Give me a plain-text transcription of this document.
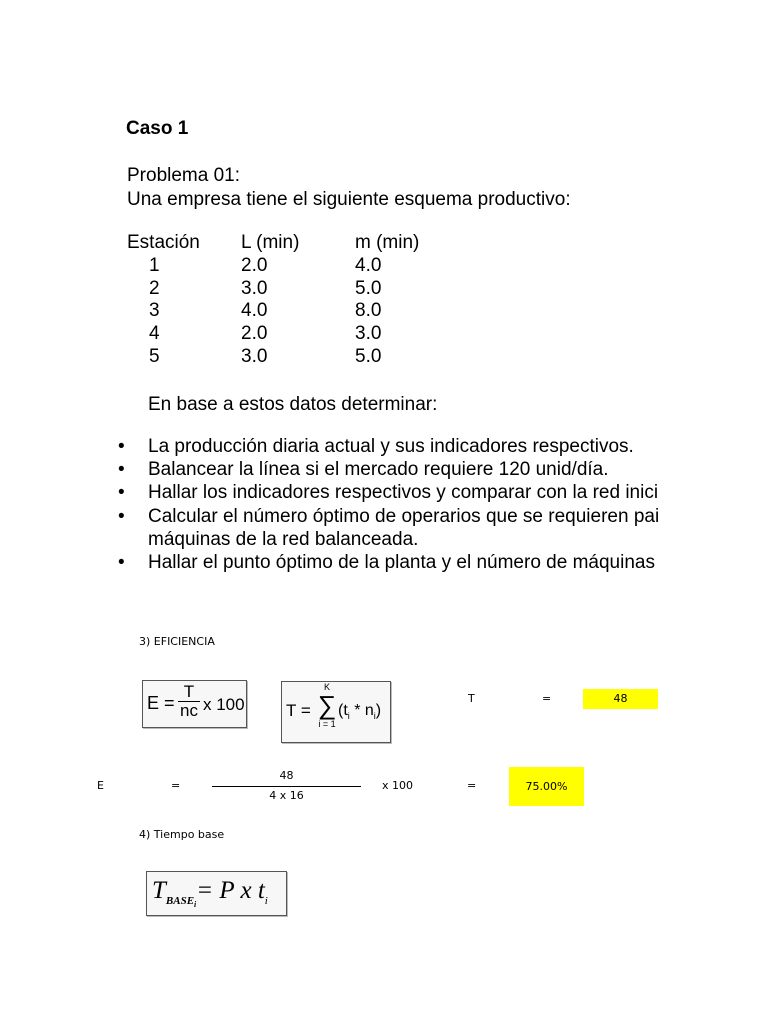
Caso 1
Problema 01:
Una empresa tiene el siguiente esquema productivo:
Estación	L (min)	m (min)
1	2.0	4.0
2	3.0	5.0
3	4.0	8.0
4	2.0	3.0
5	3.0	5.0
En base a estos datos determinar:
•	La producción diaria actual y sus indicadores respectivos.
•	Balancear la línea si el mercado requiere 120 unid/día.
•	Hallar los indicadores respectivos y comparar con la red inici
•	Calcular el número óptimo de operarios que se requieren pai
máquinas de la red balanceada.
•	Hallar el punto óptimo de la planta y el número de máquinas
3) EFICIENCIA
$E = \frac{T}{nc}$ x 100 T =
K
∑
i = 1
$(t_i * n_i)$
T	=	48
E	=
48
4 x 16
x 100	=	75.00%
4) Tiempo base
$T_{BASE_i}= P$ x $t_i$
